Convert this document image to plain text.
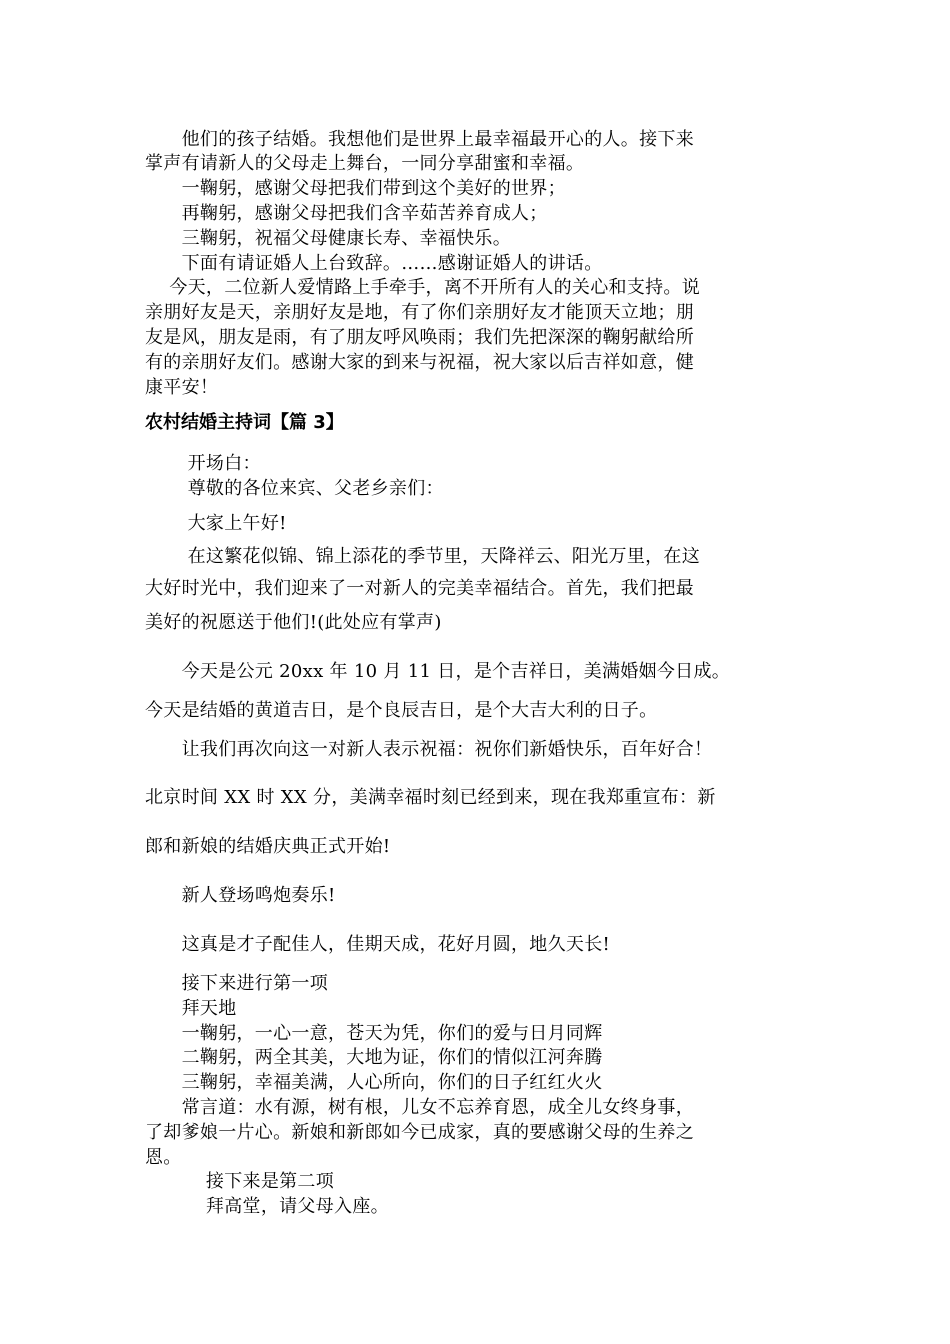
　　他们的孩子结婚。我想他们是世界上最幸福最开心的人。接下来
掌声有请新人的父母走上舞台，一同分享甜蜜和幸福。
　　一鞠躬，感谢父母把我们带到这个美好的世界；
　　再鞠躬，感谢父母把我们含辛茹苦养育成人；
　　三鞠躬，祝福父母健康长寿、幸福快乐。
　　下面有请证婚人上台致辞。……感谢证婚人的讲话。
　 今天，二位新人爱情路上手牵手，离不开所有人的关心和支持。说
亲朋好友是天，亲朋好友是地，有了你们亲朋好友才能顶天立地；朋
友是风，朋友是雨，有了朋友呼风唤雨；我们先把深深的鞠躬献给所
有的亲朋好友们。感谢大家的到来与祝福，祝大家以后吉祥如意，健
康平安！
农村结婚主持词【篇 3】
　　 开场白：
　　 尊敬的各位来宾、父老乡亲们：
　　 大家上午好!
　　 在这繁花似锦、锦上添花的季节里，天降祥云、阳光万里，在这
大好时光中，我们迎来了一对新人的完美幸福结合。首先，我们把最
美好的祝愿送于他们!(此处应有掌声)
　　今天是公元 20xx 年 10 月 11 日，是个吉祥日，美满婚姻今日成。
今天是结婚的黄道吉日，是个良辰吉日，是个大吉大利的日子。
　　让我们再次向这一对新人表示祝福：祝你们新婚快乐，百年好合！
北京时间 XX 时 XX 分，美满幸福时刻已经到来，现在我郑重宣布：新
郎和新娘的结婚庆典正式开始!
　　新人登场鸣炮奏乐!
　　这真是才子配佳人，佳期天成，花好月圆，地久天长!
　　接下来进行第一项
　　拜天地
　　一鞠躬，一心一意，苍天为凭，你们的爱与日月同辉
　　二鞠躬，两全其美，大地为证，你们的情似江河奔腾
　　三鞠躬，幸福美满，人心所向，你们的日子红红火火
　　常言道：水有源，树有根，儿女不忘养育恩，成全儿女终身事，
了却爹娘一片心。新娘和新郎如今已成家，真的要感谢父母的生养之
恩。
　　　 接下来是第二项
　　　 拜高堂，请父母入座。
